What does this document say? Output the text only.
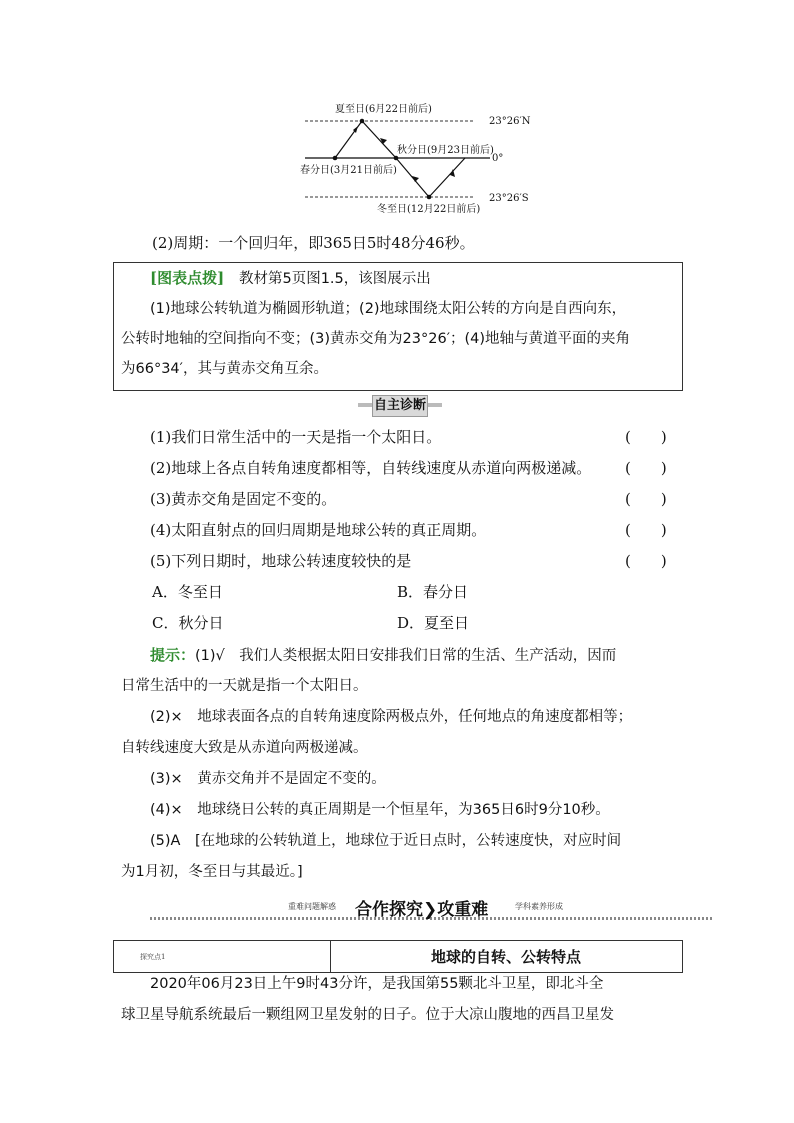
夏至日(6月22日前后)
秋分日(9月23日前后)
春分日(3月21日前后)
冬至日(12月22日前后)
23°26′N
0°
23°26′S
(2)周期：一个回归年，即365日5时48分46秒。
[图表点拨] 教材第5页图1.5，该图展示出
(1)地球公转轨道为椭圆形轨道；(2)地球围绕太阳公转的方向是自西向东，
公转时地轴的空间指向不变；(3)黄赤交角为23°26′；(4)地轴与黄道平面的夹角
为66°34′，其与黄赤交角互余。
自主诊断
(1)我们日常生活中的一天是指一个太阳日。	(　　)
(2)地球上各点自转角速度都相等，自转线速度从赤道向两极递减。 (　　)
(3)黄赤交角是固定不变的。	(　　)
(4)太阳直射点的回归周期是地球公转的真正周期。	(　　)
(5)下列日期时，地球公转速度较快的是	(　　)
A．冬至日	B．春分日
C．秋分日	D．夏至日
提示：(1)√　我们人类根据太阳日安排我们日常的生活、生产活动，因而
日常生活中的一天就是指一个太阳日。
(2)×　地球表面各点的自转角速度除两极点外，任何地点的角速度都相等；
自转线速度大致是从赤道向两极递减。
(3)×　黄赤交角并不是固定不变的。
(4)×　地球绕日公转的真正周期是一个恒星年，为365日6时9分10秒。
(5)A　[在地球的公转轨道上，地球位于近日点时，公转速度快，对应时间
为1月初，冬至日与其最近。]
重难问题解惑 合作探究❯攻重难	学科素养形成
探究点1	地球的自转、公转特点
2020年06月23日上午9时43分许，是我国第55颗北斗卫星，即北斗全
球卫星导航系统最后一颗组网卫星发射的日子。位于大凉山腹地的西昌卫星发
